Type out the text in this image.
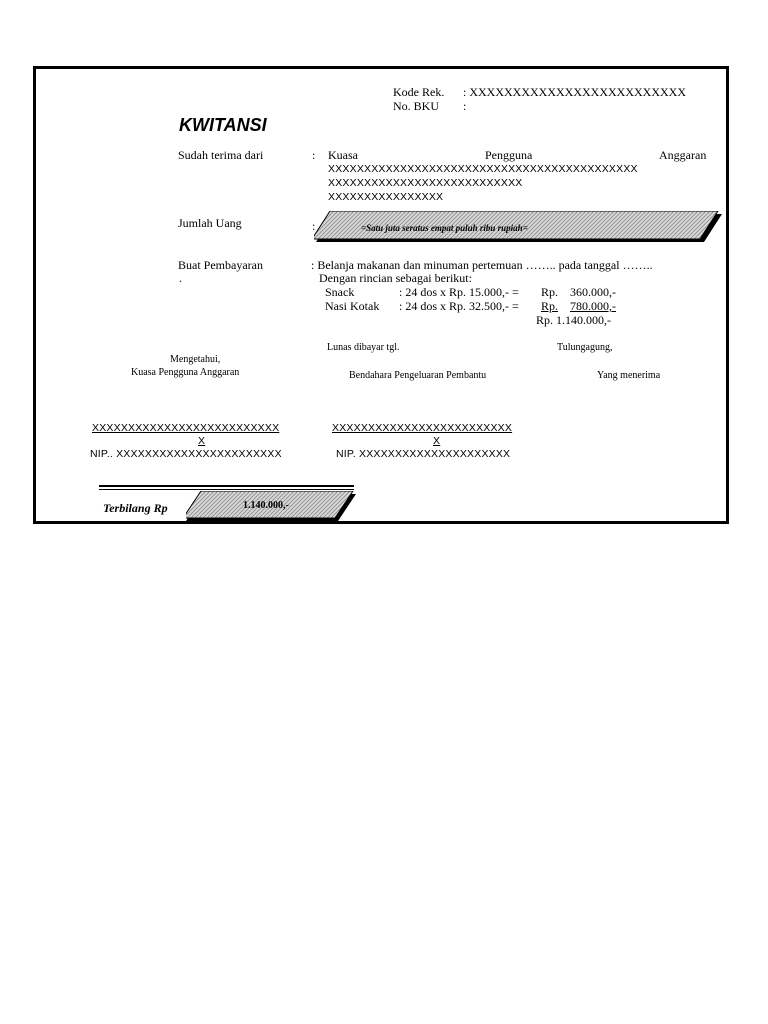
Kode Rek. : XXXXXXXXXXXXXXXXXXXXXXXXX
No. BKU :
KWITANSI
Sudah terima dari	: Kuasa	Pengguna	Anggaran
XXXXXXXXXXXXXXXXXXXXXXXXXXXXXXXXXXXXXXXXXXX
XXXXXXXXXXXXXXXXXXXXXXXXXXX
XXXXXXXXXXXXXXXX
Jumlah Uang	:	=Satu juta seratus empat puluh ribu rupiah=
Buat Pembayaran
.
: Belanja makanan dan minuman pertemuan …….. pada tanggal ……..
Dengan rincian sebagai berikut:
Snack	: 24 dos x Rp. 15.000,- = Rp. 360.000,-
Nasi Kotak : 24 dos x Rp. 32.500,- = Rp. 780.000,-
Rp. 1.140.000,-
Lunas dibayar tgl.	Tulungagung,
Mengetahui,
Kuasa Pengguna Anggaran	Bendahara Pengeluaran Pembantu	Yang menerima
XXXXXXXXXXXXXXXXXXXXXXXXXX
X
NIP.. XXXXXXXXXXXXXXXXXXXXXXX
XXXXXXXXXXXXXXXXXXXXXXXXX
X
NIP. XXXXXXXXXXXXXXXXXXXXX
Terbilang Rp	1.140.000,-
